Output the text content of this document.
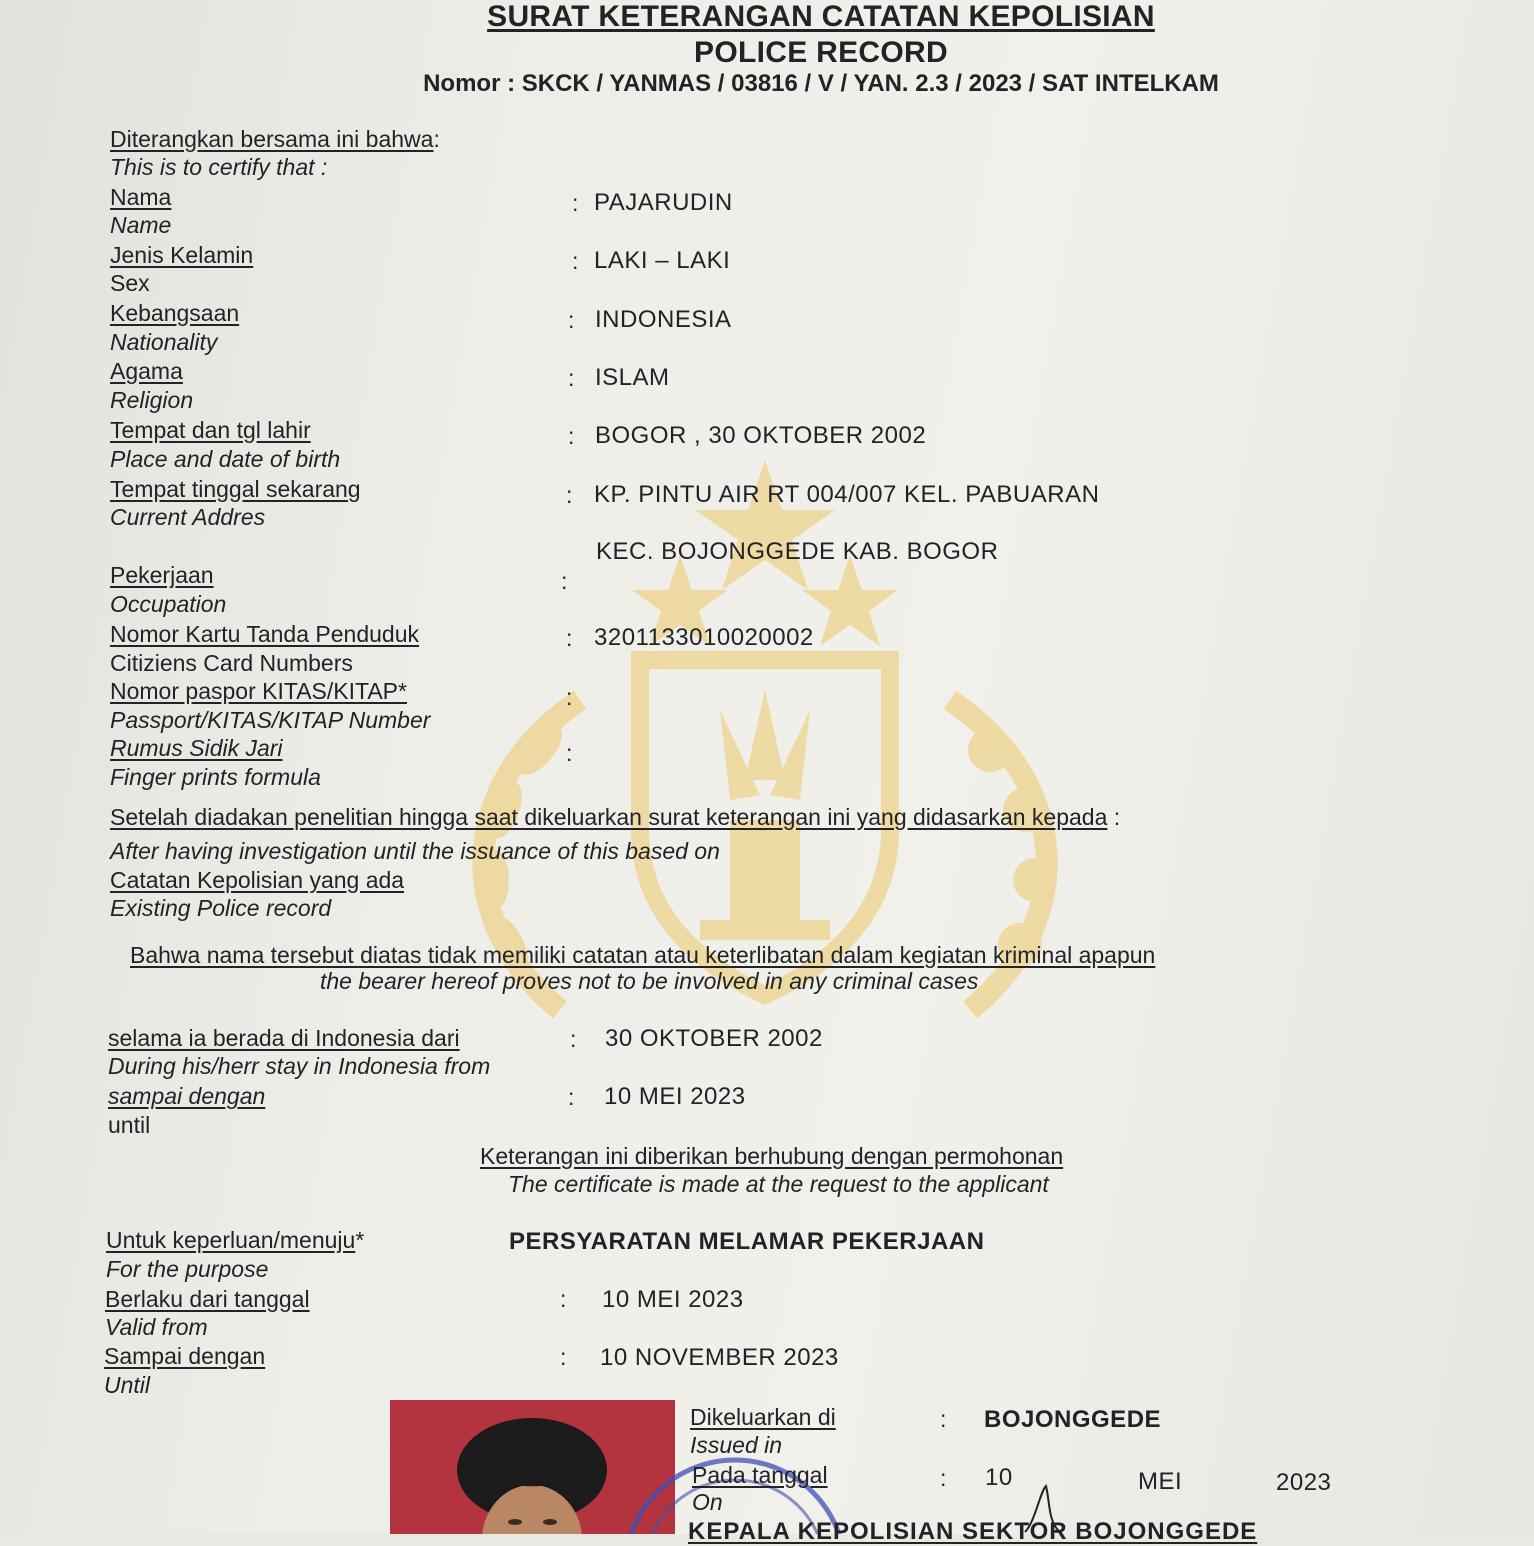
SURAT KETERANGAN CATATAN KEPOLISIAN
POLICE RECORD
Nomor : SKCK / YANMAS / 03816 / V / YAN. 2.3 / 2023 / SAT INTELKAM
Diterangkan bersama ini bahwa:
This is to certify that :
Nama
Name
: PAJARUDIN
Jenis Kelamin
Sex
: LAKI – LAKI
Kebangsaan
Nationality
: INDONESIA
Agama
Religion
: ISLAM
Tempat dan tgl lahir
Place and date of birth
: BOGOR , 30 OKTOBER 2002
Tempat tinggal sekarang
Current Addres
: KP. PINTU AIR RT 004/007 KEL. PABUARAN
KEC. BOJONGGEDE KAB. BOGOR
Pekerjaan
Occupation
:
Nomor Kartu Tanda Penduduk
Citiziens Card Numbers
: 3201133010020002
Nomor paspor KITAS/KITAP*
Passport/KITAS/KITAP Number
:
Rumus Sidik Jari
Finger prints formula
:
Setelah diadakan penelitian hingga saat dikeluarkan surat keterangan ini yang didasarkan kepada :
After having investigation until the issuance of this based on
Catatan Kepolisian yang ada
Existing Police record
Bahwa nama tersebut diatas tidak memiliki catatan atau keterlibatan dalam kegiatan kriminal apapun
the bearer hereof proves not to be involved in any criminal cases
selama ia berada di Indonesia dari
During his/herr stay in Indonesia from
: 30 OKTOBER 2002
sampai dengan
until
: 10 MEI 2023
Keterangan ini diberikan berhubung dengan permohonan
The certificate is made at the request to the applicant
Untuk keperluan/menuju*
For the purpose
PERSYARATAN MELAMAR PEKERJAAN
Berlaku dari tanggal
Valid from
: 10 MEI 2023
Sampai dengan
Until
: 10 NOVEMBER 2023
Dikeluarkan di
Issued in
: BOJONGGEDE
Pada tanggal
On
: 10	MEI	2023
KEPALA KEPOLISIAN SEKTOR BOJONGGEDE
